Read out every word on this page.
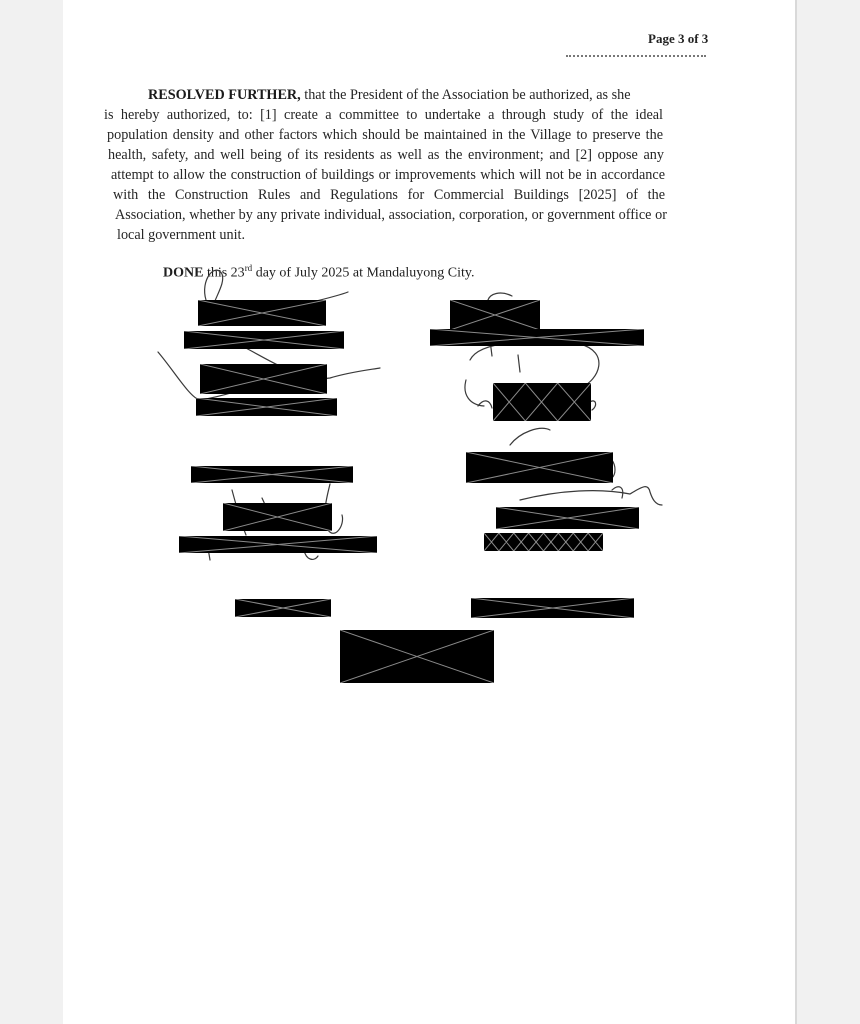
Page 3 of 3
RESOLVED FURTHER, that the President of the Association be authorized, as she
is hereby authorized, to: [1] create a committee to undertake a through study of the ideal
population density and other factors which should be maintained in the Village to preserve the
health, safety, and well being of its residents as well as the environment; and [2] oppose any
attempt to allow the construction of buildings or improvements which will not be in accordance
with the Construction Rules and Regulations for Commercial Buildings [2025] of the
Association, whether by any private individual, association, corporation, or government office or
local government unit.
DONE this 23rd day of July 2025 at Mandaluyong City.
